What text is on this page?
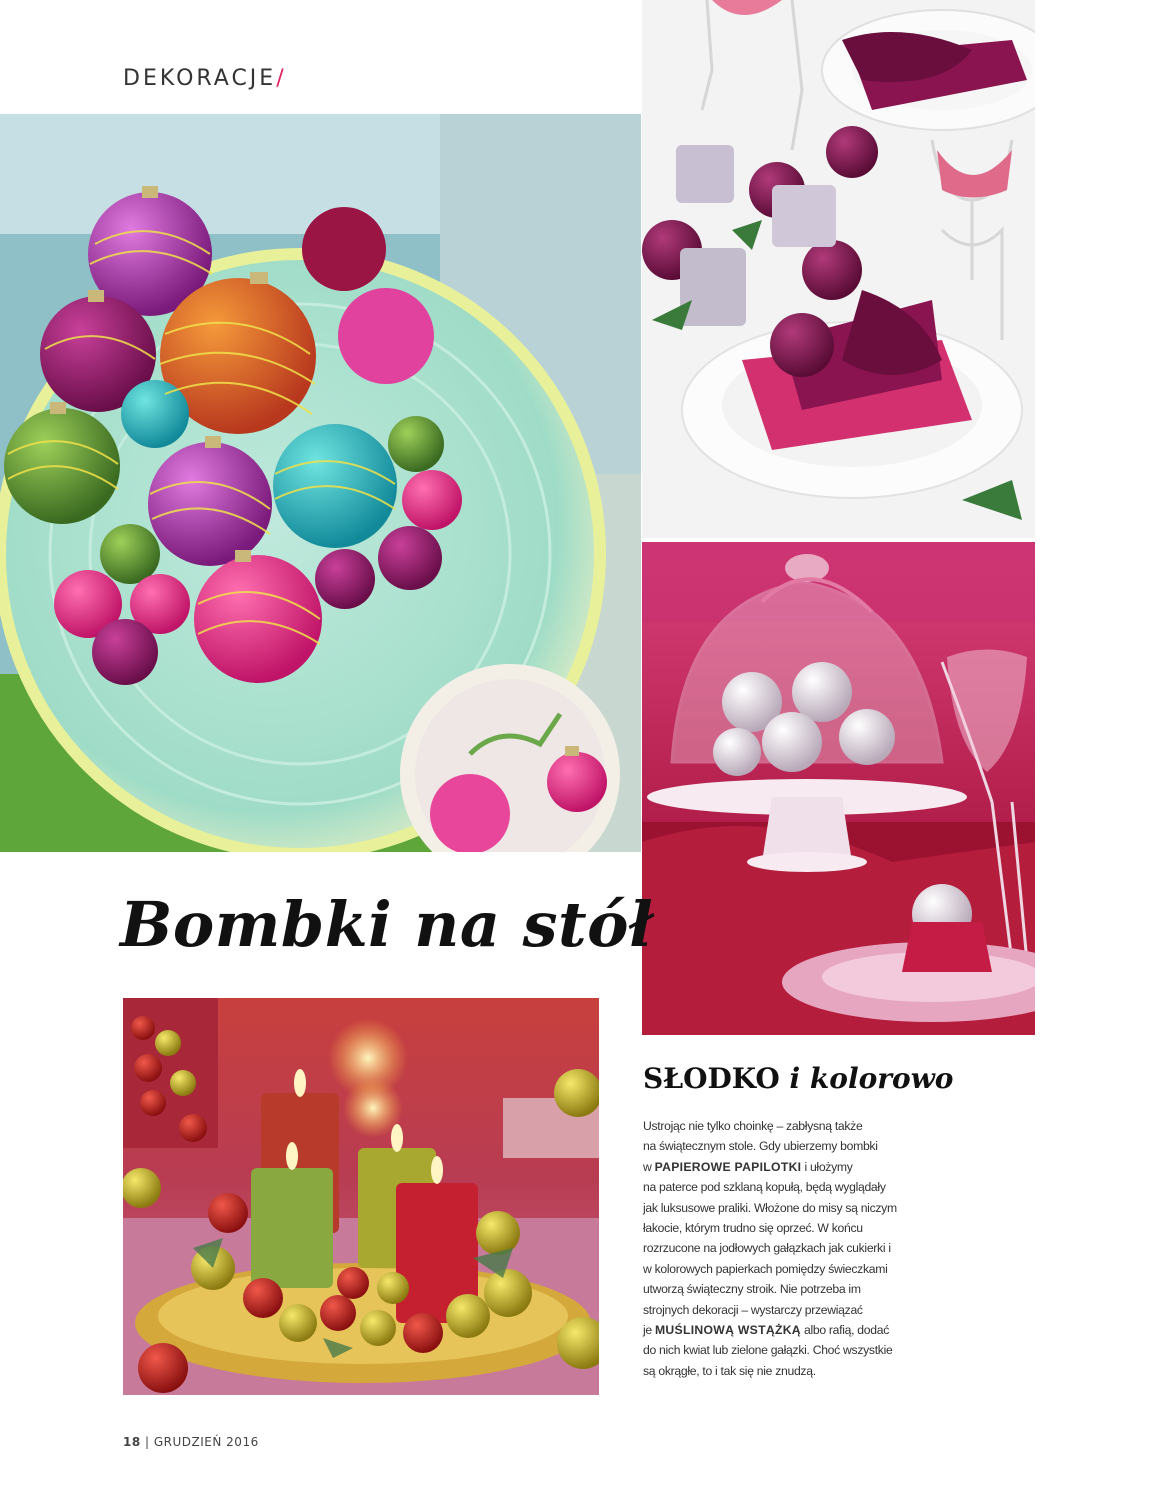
DEKORACJE/
Bombki na stół
SŁODKO i kolorowo
Ustrojąc nie tylko choinkę – zabłysną także
na świątecznym stole. Gdy ubierzemy bombki
w PAPIEROWE PAPILOTKI i ułożymy
na paterce pod szklaną kopułą, będą wyglądały
jak luksusowe praliki. Włożone do misy są niczym
łakocie, którym trudno się oprzeć. W końcu
rozrzucone na jodłowych gałązkach jak cukierki i
w kolorowych papierkach pomiędzy świeczkami
utworzą świąteczny stroik. Nie potrzeba im
strojnych dekoracji – wystarczy przewiązać
je MUŚLINOWĄ WSTĄŻKĄ albo rafią, dodać
do nich kwiat lub zielone gałązki. Choć wszystkie
są okrągłe, to i tak się nie znudzą.
18 | GRUDZIEŃ 2016
